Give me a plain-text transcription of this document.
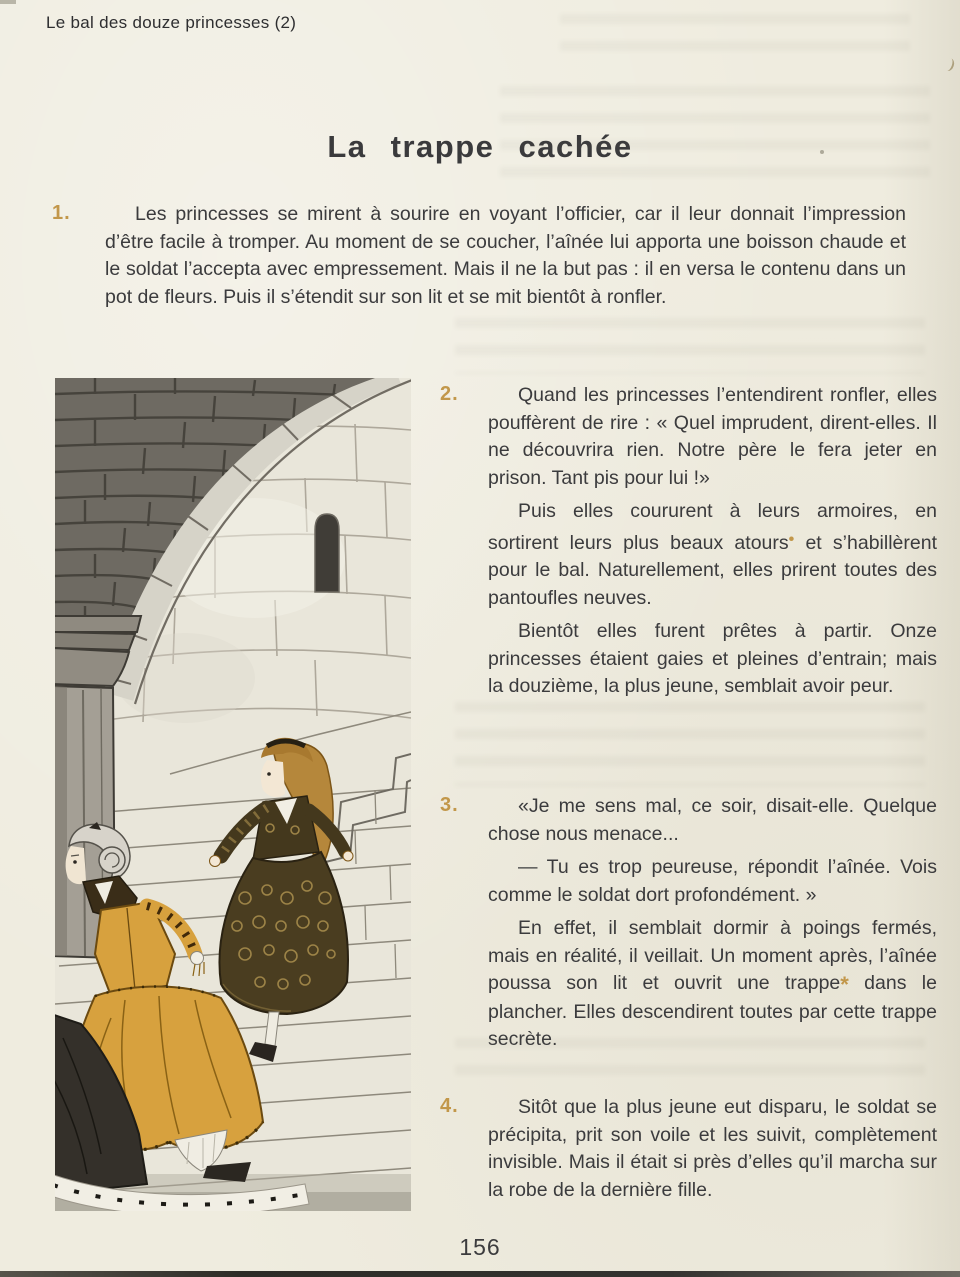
Le bal des douze princesses (2)
La trappe cachée
1.	Les princesses se mirent à sourire en voyant l’officier, car il leur donnait l’impression d’être facile à tromper. Au moment de se coucher, l’aînée lui apporta une boisson chaude et le soldat l’accepta avec empressement. Mais il ne la but pas : il en versa le contenu dans un pot de fleurs. Puis il s’étendit sur son lit et se mit bientôt à ronfler.

2.	Quand les princesses l’entendirent ronfler, elles pouffèrent de rire : « Quel imprudent, dirent-elles. Il ne découvrira rien. Notre père le fera jeter en prison. Tant pis pour lui !»

Puis elles coururent à leurs armoires, en sortirent leurs plus beaux atours• et s’habillèrent pour le bal. Naturellement, elles prirent toutes des pantoufles neuves.

Bientôt elles furent prêtes à partir. Onze princesses étaient gaies et pleines d’entrain; mais la douzième, la plus jeune, semblait avoir peur.

3.	«Je me sens mal, ce soir, disait-elle. Quelque chose nous menace...

— Tu es trop peureuse, répondit l’aînée. Vois comme le soldat dort profondément. »

En effet, il semblait dormir à poings fermés, mais en réalité, il veillait. Un moment après, l’aînée poussa son lit et ouvrit une trappe* dans le plancher. Elles descendirent toutes par cette trappe secrète.

4.	Sitôt que la plus jeune eut disparu, le soldat se précipita, prit son voile et les suivit, complètement invisible. Mais il était si près d’elles qu’il marcha sur la robe de la dernière fille.

156
